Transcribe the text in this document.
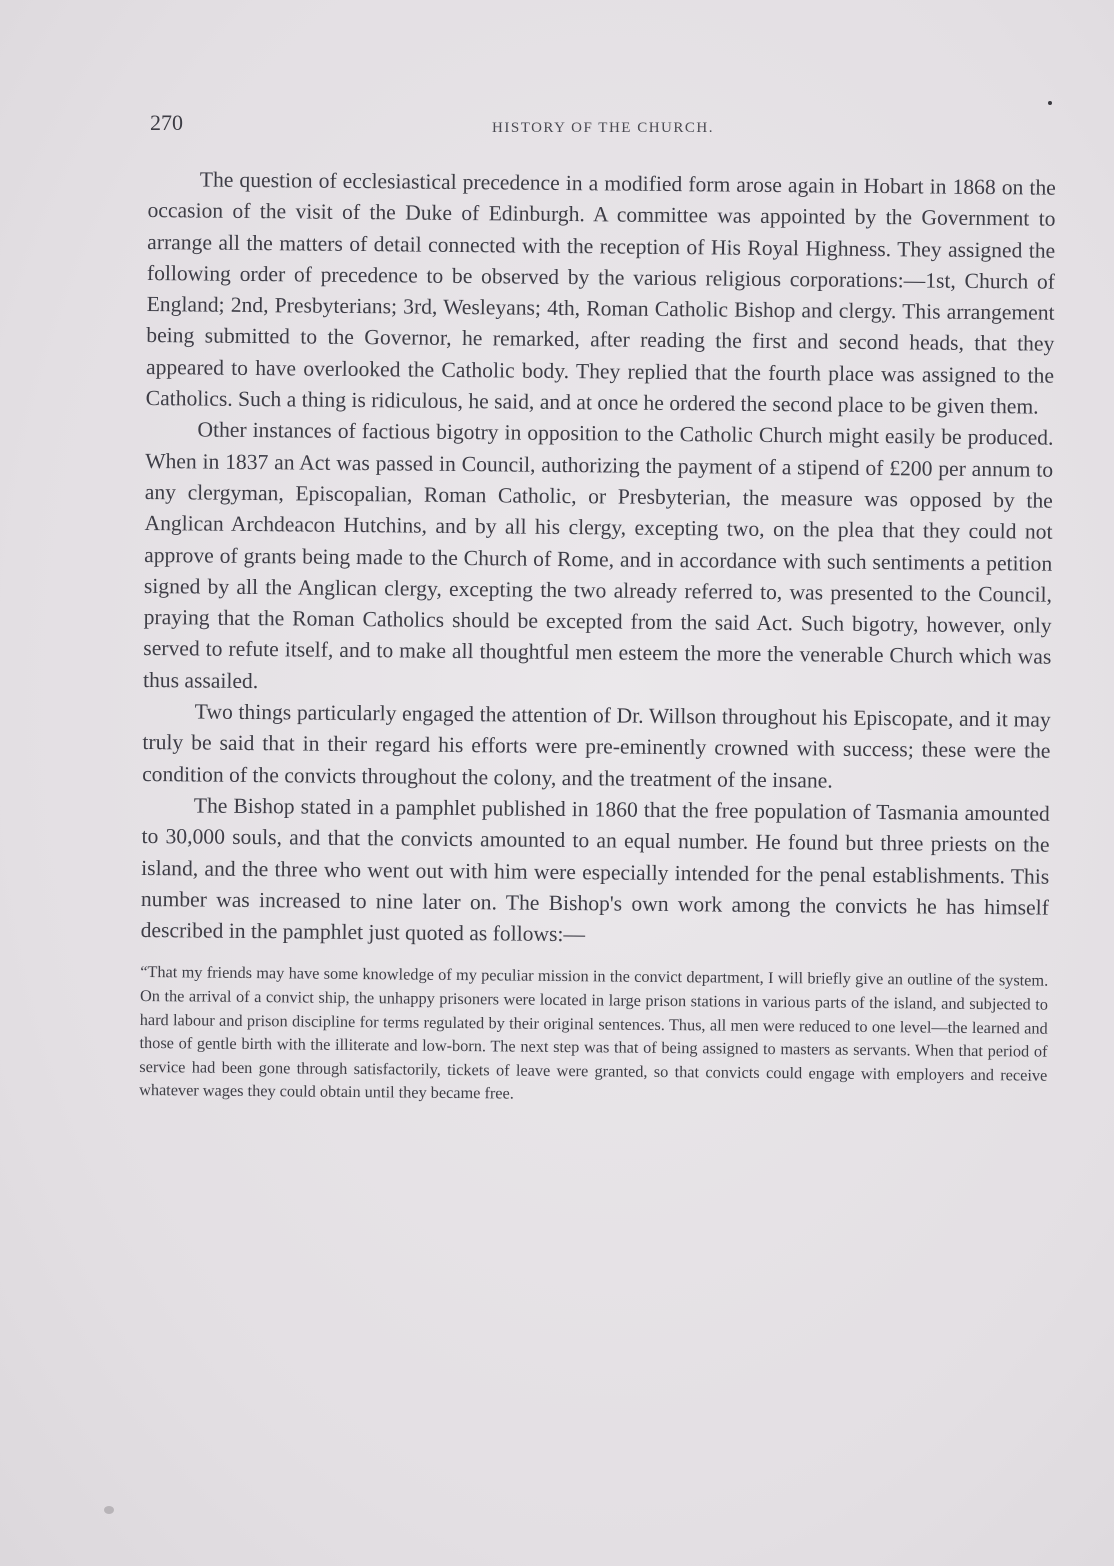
270	HISTORY OF THE CHURCH.

The question of ecclesiastical precedence in a modified form arose again in Hobart in 1868 on the occasion of the visit of the Duke of Edinburgh. A committee was appointed by the Government to arrange all the matters of detail connected with the reception of His Royal Highness. They assigned the following order of precedence to be observed by the various religious corporations:—1st, Church of England; 2nd, Presbyterians; 3rd, Wesleyans; 4th, Roman Catholic Bishop and clergy. This arrangement being submitted to the Governor, he remarked, after reading the first and second heads, that they appeared to have overlooked the Catholic body. They replied that the fourth place was assigned to the Catholics. Such a thing is ridiculous, he said, and at once he ordered the second place to be given them.

Other instances of factious bigotry in opposition to the Catholic Church might easily be produced. When in 1837 an Act was passed in Council, authorizing the payment of a stipend of £200 per annum to any clergyman, Episcopalian, Roman Catholic, or Presbyterian, the measure was opposed by the Anglican Archdeacon Hutchins, and by all his clergy, excepting two, on the plea that they could not approve of grants being made to the Church of Rome, and in accordance with such sentiments a petition signed by all the Anglican clergy, excepting the two already referred to, was presented to the Council, praying that the Roman Catholics should be excepted from the said Act. Such bigotry, however, only served to refute itself, and to make all thoughtful men esteem the more the venerable Church which was thus assailed.

Two things particularly engaged the attention of Dr. Willson throughout his Episcopate, and it may truly be said that in their regard his efforts were pre-eminently crowned with success; these were the condition of the convicts throughout the colony, and the treatment of the insane.

The Bishop stated in a pamphlet published in 1860 that the free population of Tasmania amounted to 30,000 souls, and that the convicts amounted to an equal number. He found but three priests on the island, and the three who went out with him were especially intended for the penal establishments. This number was increased to nine later on. The Bishop's own work among the convicts he has himself described in the pamphlet just quoted as follows:—

“That my friends may have some knowledge of my peculiar mission in the convict department, I will briefly give an outline of the system. On the arrival of a convict ship, the unhappy prisoners were located in large prison stations in various parts of the island, and subjected to hard labour and prison discipline for terms regulated by their original sentences. Thus, all men were reduced to one level—the learned and those of gentle birth with the illiterate and low-born. The next step was that of being assigned to masters as servants. When that period of service had been gone through satisfactorily, tickets of leave were granted, so that convicts could engage with employers and receive whatever wages they could obtain until they became free.
